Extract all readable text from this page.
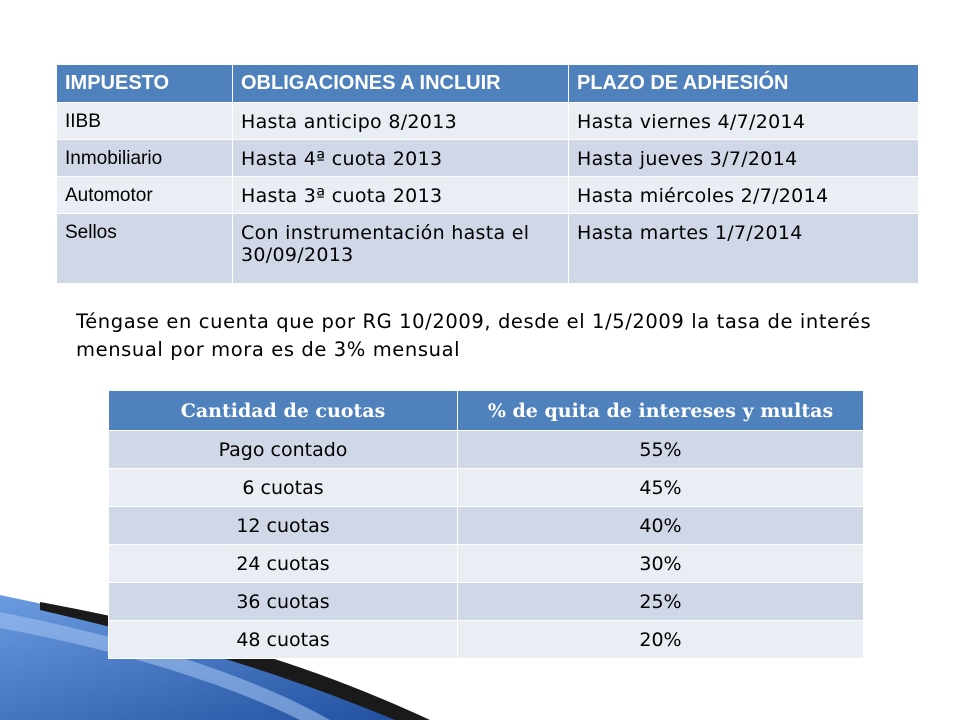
IMPUESTO	OBLIGACIONES A INCLUIR	PLAZO DE ADHESIÓN
IIBB	Hasta anticipo 8/2013	Hasta viernes 4/7/2014
Inmobiliario	Hasta 4ª cuota 2013	Hasta jueves 3/7/2014
Automotor	Hasta 3ª cuota 2013	Hasta miércoles 2/7/2014
Sellos	Con instrumentación hasta el 30/09/2013	Hasta martes 1/7/2014
Téngase en cuenta que por RG 10/2009, desde el 1/5/2009 la tasa de interés mensual por mora es de 3% mensual
Cantidad de cuotas	% de quita de intereses y multas
Pago contado	55%
6 cuotas	45%
12 cuotas	40%
24 cuotas	30%
36 cuotas	25%
48 cuotas	20%
